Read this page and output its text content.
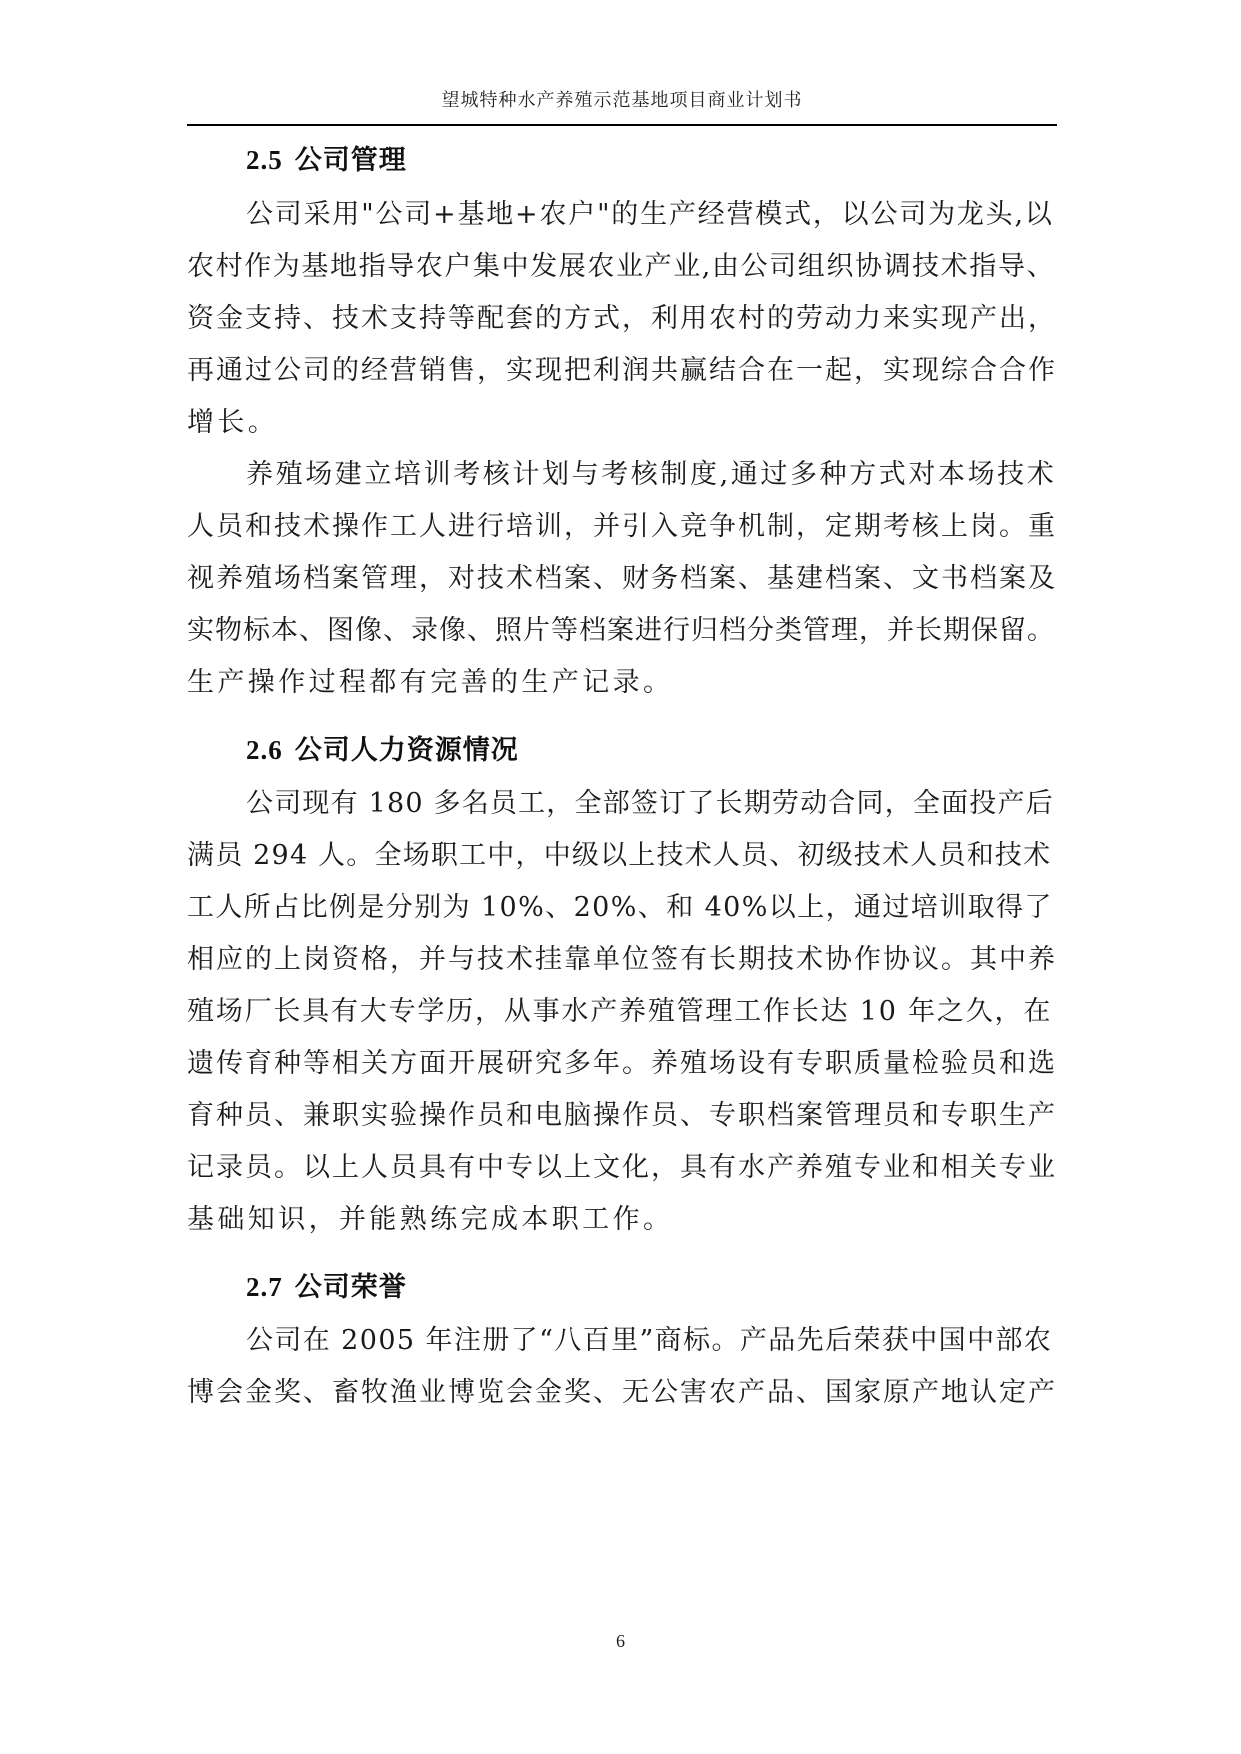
望城特种水产养殖示范基地项目商业计划书
2.5 公司管理
公司采用"公司+基地+农户"的生产经营模式，以公司为龙头,以
农村作为基地指导农户集中发展农业产业,由公司组织协调技术指导、
资金支持、技术支持等配套的方式，利用农村的劳动力来实现产出，
再通过公司的经营销售，实现把利润共赢结合在一起，实现综合合作
增长。
养殖场建立培训考核计划与考核制度,通过多种方式对本场技术
人员和技术操作工人进行培训，并引入竞争机制，定期考核上岗。重
视养殖场档案管理，对技术档案、财务档案、基建档案、文书档案及
实物标本、图像、录像、照片等档案进行归档分类管理，并长期保留。
生产操作过程都有完善的生产记录。
2.6 公司人力资源情况
公司现有 180 多名员工，全部签订了长期劳动合同，全面投产后
满员 294 人。全场职工中，中级以上技术人员、初级技术人员和技术
工人所占比例是分别为 10%、20%、和 40%以上，通过培训取得了
相应的上岗资格，并与技术挂靠单位签有长期技术协作协议。其中养
殖场厂长具有大专学历，从事水产养殖管理工作长达 10 年之久，在
遗传育种等相关方面开展研究多年。养殖场设有专职质量检验员和选
育种员、兼职实验操作员和电脑操作员、专职档案管理员和专职生产
记录员。以上人员具有中专以上文化，具有水产养殖专业和相关专业
基础知识，并能熟练完成本职工作。
2.7 公司荣誉
公司在 2005 年注册了“八百里”商标。产品先后荣获中国中部农
博会金奖、畜牧渔业博览会金奖、无公害农产品、国家原产地认定产
6
